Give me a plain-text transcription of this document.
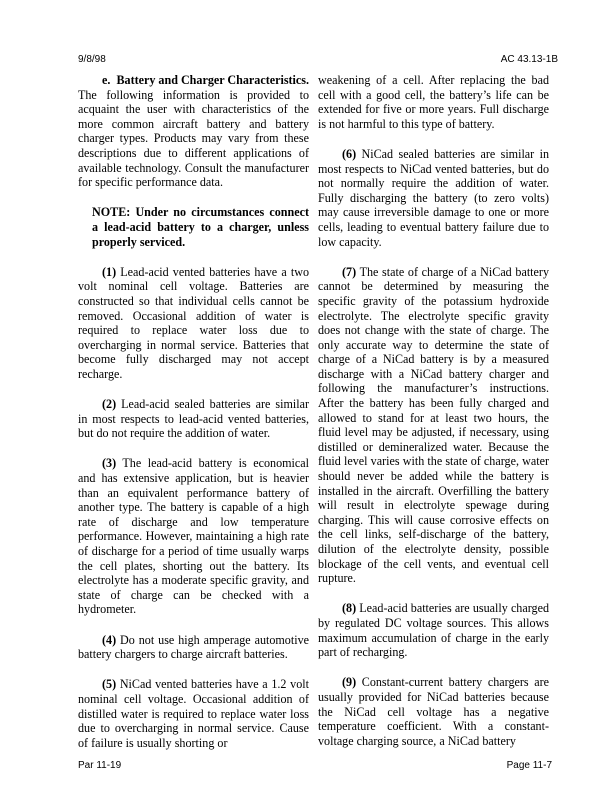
9/8/98	AC 43.13-1B

e. Battery and Charger Characteristics. The following information is provided to acquaint the user with characteristics of the more common aircraft battery and battery charger types. Products may vary from these descriptions due to different applications of available technology. Consult the manufacturer for specific performance data.

NOTE: Under no circumstances connect a lead-acid battery to a charger, unless properly serviced.

(1) Lead-acid vented batteries have a two volt nominal cell voltage. Batteries are constructed so that individual cells cannot be removed. Occasional addition of water is required to replace water loss due to overcharging in normal service. Batteries that become fully discharged may not accept recharge.

(2) Lead-acid sealed batteries are similar in most respects to lead-acid vented batteries, but do not require the addition of water.

(3) The lead-acid battery is economical and has extensive application, but is heavier than an equivalent performance battery of another type. The battery is capable of a high rate of discharge and low temperature performance. However, maintaining a high rate of discharge for a period of time usually warps the cell plates, shorting out the battery. Its electrolyte has a moderate specific gravity, and state of charge can be checked with a hydrometer.

(4) Do not use high amperage automotive battery chargers to charge aircraft batteries.

(5) NiCad vented batteries have a 1.2 volt nominal cell voltage. Occasional addition of distilled water is required to replace water loss due to overcharging in normal service. Cause of failure is usually shorting or

weakening of a cell. After replacing the bad cell with a good cell, the battery’s life can be extended for five or more years. Full discharge is not harmful to this type of battery.

(6) NiCad sealed batteries are similar in most respects to NiCad vented batteries, but do not normally require the addition of water. Fully discharging the battery (to zero volts) may cause irreversible damage to one or more cells, leading to eventual battery failure due to low capacity.

(7) The state of charge of a NiCad battery cannot be determined by measuring the specific gravity of the potassium hydroxide electrolyte. The electrolyte specific gravity does not change with the state of charge. The only accurate way to determine the state of charge of a NiCad battery is by a measured discharge with a NiCad battery charger and following the manufacturer’s instructions. After the battery has been fully charged and allowed to stand for at least two hours, the fluid level may be adjusted, if necessary, using distilled or demineralized water. Because the fluid level varies with the state of charge, water should never be added while the battery is installed in the aircraft. Overfilling the battery will result in electrolyte spewage during charging. This will cause corrosive effects on the cell links, self-discharge of the battery, dilution of the electrolyte density, possible blockage of the cell vents, and eventual cell rupture.

(8) Lead-acid batteries are usually charged by regulated DC voltage sources. This allows maximum accumulation of charge in the early part of recharging.

(9) Constant-current battery chargers are usually provided for NiCad batteries because the NiCad cell voltage has a negative temperature coefficient. With a constant-voltage charging source, a NiCad battery

Par 11-19	Page 11-7
